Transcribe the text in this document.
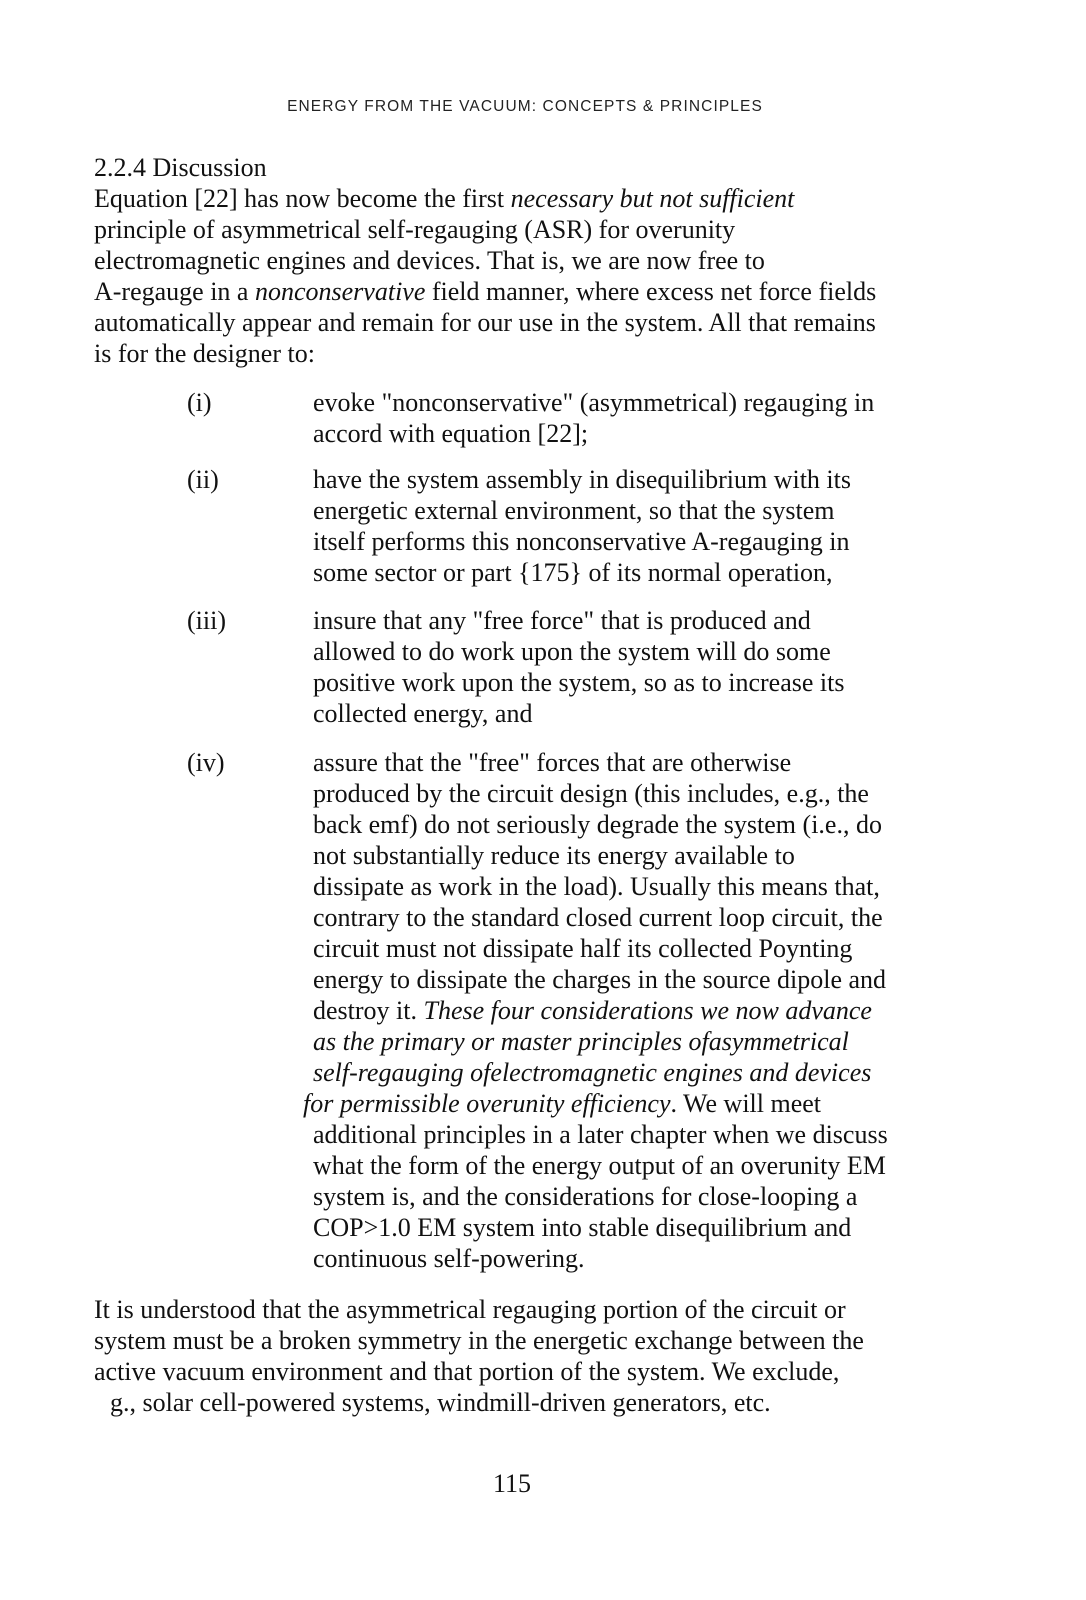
ENERGY FROM THE VACUUM: CONCEPTS & PRINCIPLES
2.2.4 Discussion
Equation [22] has now become the first necessary but not sufficient
principle of asymmetrical self-regauging (ASR) for overunity
electromagnetic engines and devices. That is, we are now free to
A-regauge in a nonconservative field manner, where excess net force fields
automatically appear and remain for our use in the system. All that remains
is for the designer to:
(i)	evoke "nonconservative" (asymmetrical) regauging in
accord with equation [22];
(ii)	have the system assembly in disequilibrium with its
energetic external environment, so that the system
itself performs this nonconservative A-regauging in
some sector or part {175} of its normal operation,
(iii)	insure that any "free force" that is produced and
allowed to do work upon the system will do some
positive work upon the system, so as to increase its
collected energy, and
(iv)	assure that the "free" forces that are otherwise
produced by the circuit design (this includes, e.g., the
back emf) do not seriously degrade the system (i.e., do
not substantially reduce its energy available to
dissipate as work in the load). Usually this means that,
contrary to the standard closed current loop circuit, the
circuit must not dissipate half its collected Poynting
energy to dissipate the charges in the source dipole and
destroy it. These four considerations we now advance
as the primary or master principles ofasymmetrical
self-regauging ofelectromagnetic engines and devices
for permissible overunity efficiency. We will meet
additional principles in a later chapter when we discuss
what the form of the energy output of an overunity EM
system is, and the considerations for close-looping a
COP>1.0 EM system into stable disequilibrium and
continuous self-powering.
It is understood that the asymmetrical regauging portion of the circuit or
system must be a broken symmetry in the energetic exchange between the
active vacuum environment and that portion of the system. We exclude,
g., solar cell-powered systems, windmill-driven generators, etc.
115
